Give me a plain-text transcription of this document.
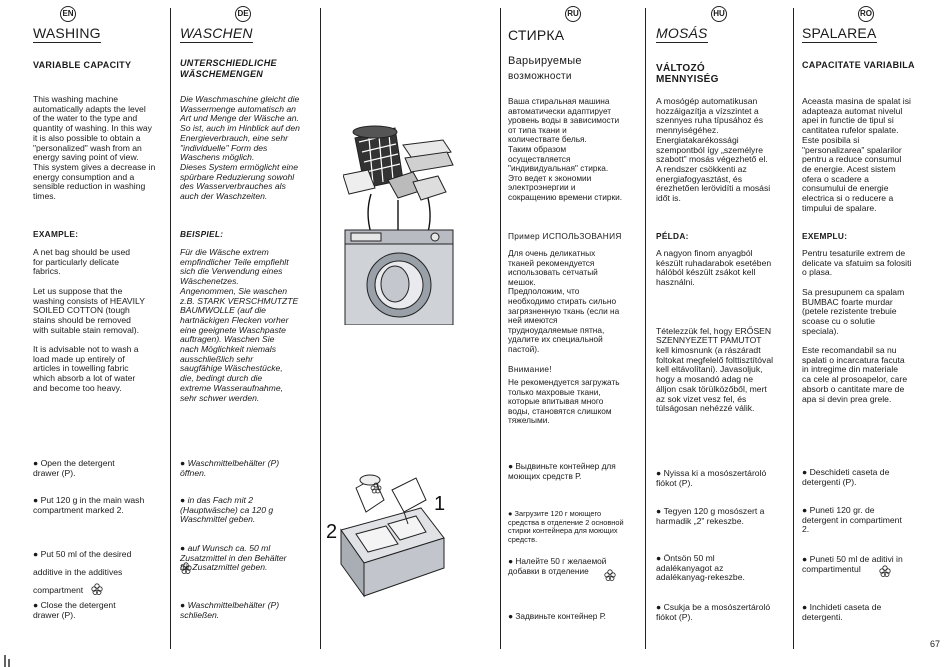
EN
WASHING
VARIABLE CAPACITY
This washing machine
automatically adapts the level
of the water to the type and
quantity of washing. In this way
it is also possible to obtain a
"personalized" wash from an
energy saving point of view.
This system gives a decrease in
energy consumption and a
sensible reduction in washing
times.
EXAMPLE:
A net bag should be used
for particularly delicate
fabrics.

Let us suppose that the
washing consists of HEAVILY
SOILED COTTON (tough
stains should be removed
with suitable stain removal).

It is advisable not to wash a
load made up entirely of
articles in towelling fabric
which absorb a lot of water
and become too heavy.
● Open the detergent
drawer (P).
● Put 120 g in the main wash
compartment marked 2.
● Put 50 ml of the desired
additive in the additives
compartment
● Close the detergent
drawer (P).
DE
WASCHEN
UNTERSCHIEDLICHE
WÄSCHEMENGEN
Die Waschmaschine gleicht die
Wassermenge automatisch an
Art und Menge der Wäsche an.
So ist, auch im Hinblick auf den
Energieverbrauch, eine sehr
"individuelle" Form des
Waschens möglich.
Dieses System ermöglicht eine
spürbare Reduzierung sowohl
des Wasserverbrauches als
auch der Waschzeiten.
BEISPIEL:
Für die Wäsche extrem
empfindlicher Teile empfiehlt
sich die Verwendung eines
Wäschenetzes.
Angenommen, Sie waschen
z.B. STARK VERSCHMUTZTE
BAUMWOLLE (auf die
hartnäckigen Flecken vorher
eine geeignete Waschpaste
auftragen). Waschen Sie
nach Möglichkeit niemals
ausschließlich sehr
saugfähige Wäschestücke,
die, bedingt durch die
extreme Wasseraufnahme,
sehr schwer werden.
● Waschmittelbehälter (P)
öffnen.
● in das Fach mit 2
(Hauptwäsche) ca 120 g
Waschmittel geben.
● auf Wunsch ca. 50 ml
Zusatzmittel in den Behälter
für Zusatzmittel geben.
● Waschmittelbehälter (P)
schließen.
1
2
RU
СТИРКА
Варьируемые
возможности
Ваша стиральная машина
автоматически адаптирует
уровень воды в зависимости
от типа ткани и
количествате белья.
Таким образом
осуществляется
"индивидуальная" стирка.
Это ведет к экономии
электроэнергии и
сокращению времени стирки.
Пример ИСПОЛЬЗОВАНИЯ
Для очень деликатных
тканей рекомендуется
использовать сетчатый
мешок.
Предположим, что
необходимо стирать сильно
загрязненную ткань (если на
ней имеются
трудноудаляемые пятна,
удалите их специальной
пастой).
Внимание!
Не рекомендуется загружать
только махровые ткани,
которые впитывая много
воды, становятся слишком
тяжелыми.
● Выдвиньте контейнер для
моющих средств Р.
● Загрузите 120 г моющего
средства в отделение 2 основной
стирки контейнера для моющих
средств.
● Налейте 50 г желаемой
добавки в отделение
● Задвиньте контейнер Р.
HU
MOSÁS
VÁLTOZÓ
MENNYISÉG
A mosógép automatikusan
hozzáigazítja a vízszintet a
szennyes ruha típusához és
mennyiségéhez.
Energiatakarékossági
szempontból így „személyre
szabott” mosás végezhető el.
A rendszer csökkenti az
energiafogyasztást, és
érezhetően lerövidíti a mosási
időt is.
PÉLDA:
A nagyon finom anyagból
készült ruhadarabok esetében
hálóból készült zsákot kell
használni.

Tételezzük fel, hogy ERŐSEN
SZENNYEZETT PAMUTOT
kell kimosnunk (a rászáradt
foltokat megfelelő folttisztítóval
kell eltávolítani). Javasoljuk,
hogy a mosandó adag ne
álljon csak törülközőből, mert
az sok vizet vesz fel, és
túlságosan nehézzé válik.
● Nyissa ki a mosószertároló
fiókot (P).
● Tegyen 120 g mosószert a
harmadik „2” rekeszbe.
● Öntsön 50 ml
adalékanyagot az
adalékanyag-rekeszbe.
● Csukja be a mosószertároló
fiókot (P).
RO
SPALAREA
CAPACITATE VARIABILA
Aceasta masina de spalat isi
adapteaza automat nivelul
apei in functie de tipul si
cantitatea rufelor spalate.
Este posibila si
"personalizarea" spalarilor
pentru a reduce consumul
de energie. Acest sistem
ofera o scadere a
consumului de energie
electrica si o reducere a
timpului de spalare.
EXEMPLU:
Pentru tesaturile extrem de
delicate va sfatuim sa folositi
o plasa.

Sa presupunem ca spalam
BUMBAC foarte murdar
(petele rezistente trebuie
scoase cu o solutie
speciala).

Este recomandabil sa nu
spalati o incarcatura facuta
in intregime din materiale
ca cele al prosoapelor, care
absorb o cantitate mare de
apa si devin prea grele.
● Deschideti caseta de
detergenti (P).
● Puneti 120 gr. de
detergent in compartiment
2.
● Puneti 50 ml de aditivi in
compartimentul
● Inchideti caseta de
detergenti.
67
